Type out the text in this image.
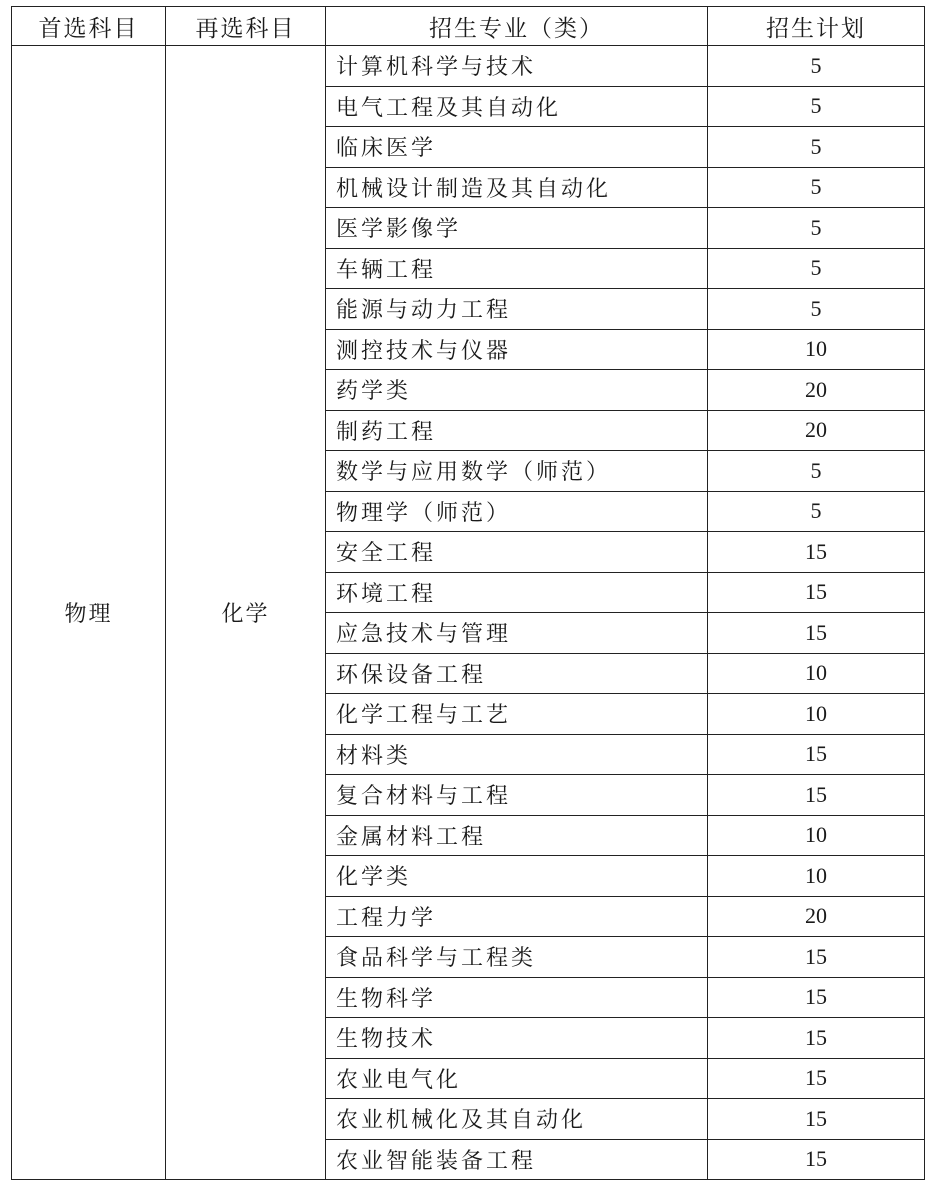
首选科目	再选科目	招生专业（类）	招生计划
物理	化学	计算机科学与技术	5
		电气工程及其自动化	5
		临床医学	5
		机械设计制造及其自动化	5
		医学影像学	5
		车辆工程	5
		能源与动力工程	5
		测控技术与仪器	10
		药学类	20
		制药工程	20
		数学与应用数学（师范）	5
		物理学（师范）	5
		安全工程	15
		环境工程	15
		应急技术与管理	15
		环保设备工程	10
		化学工程与工艺	10
		材料类	15
		复合材料与工程	15
		金属材料工程	10
		化学类	10
		工程力学	20
		食品科学与工程类	15
		生物科学	15
		生物技术	15
		农业电气化	15
		农业机械化及其自动化	15
		农业智能装备工程	15
